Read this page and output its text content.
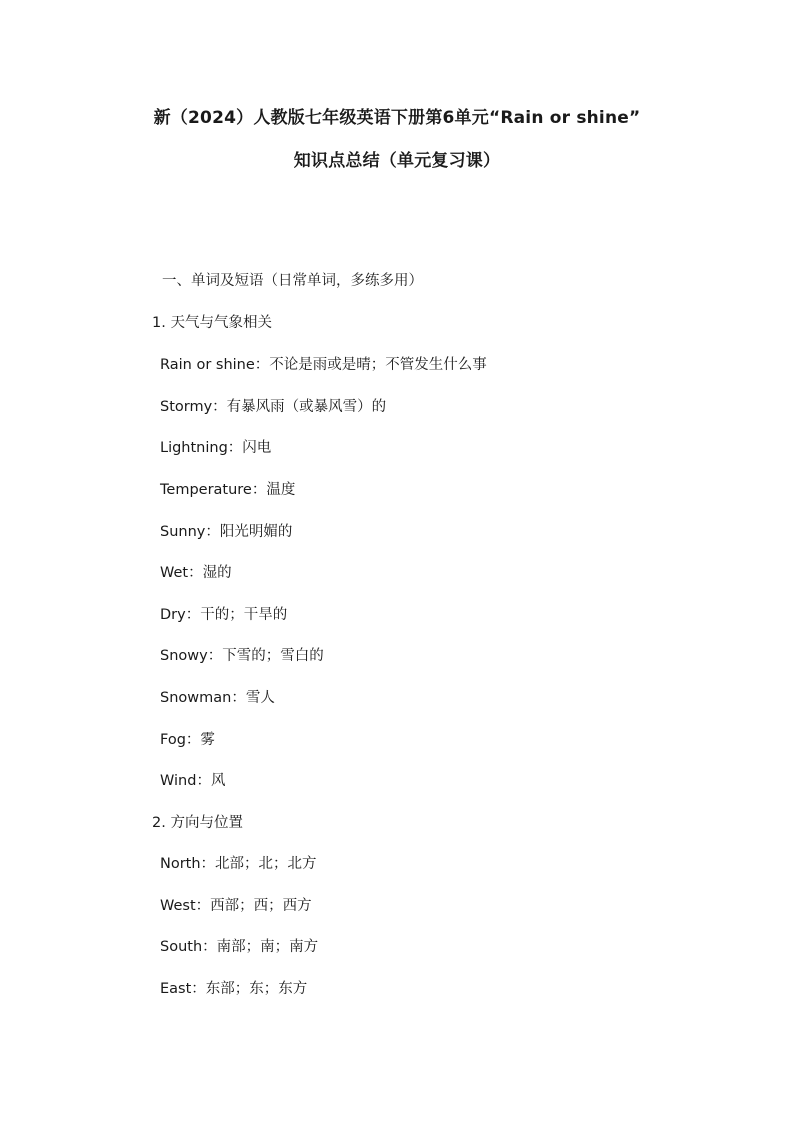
新（2024）人教版七年级英语下册第6单元“Rain or shine”
知识点总结（单元复习课）
一、单词及短语（日常单词，多练多用）
1. 天气与气象相关
Rain or shine：不论是雨或是晴；不管发生什么事
Stormy：有暴风雨（或暴风雪）的
Lightning：闪电
Temperature：温度
Sunny：阳光明媚的
Wet：湿的
Dry：干的；干旱的
Snowy：下雪的；雪白的
Snowman：雪人
Fog：雾
Wind：风
2. 方向与位置
North：北部；北；北方
West：西部；西；西方
South：南部；南；南方
East：东部；东；东方
